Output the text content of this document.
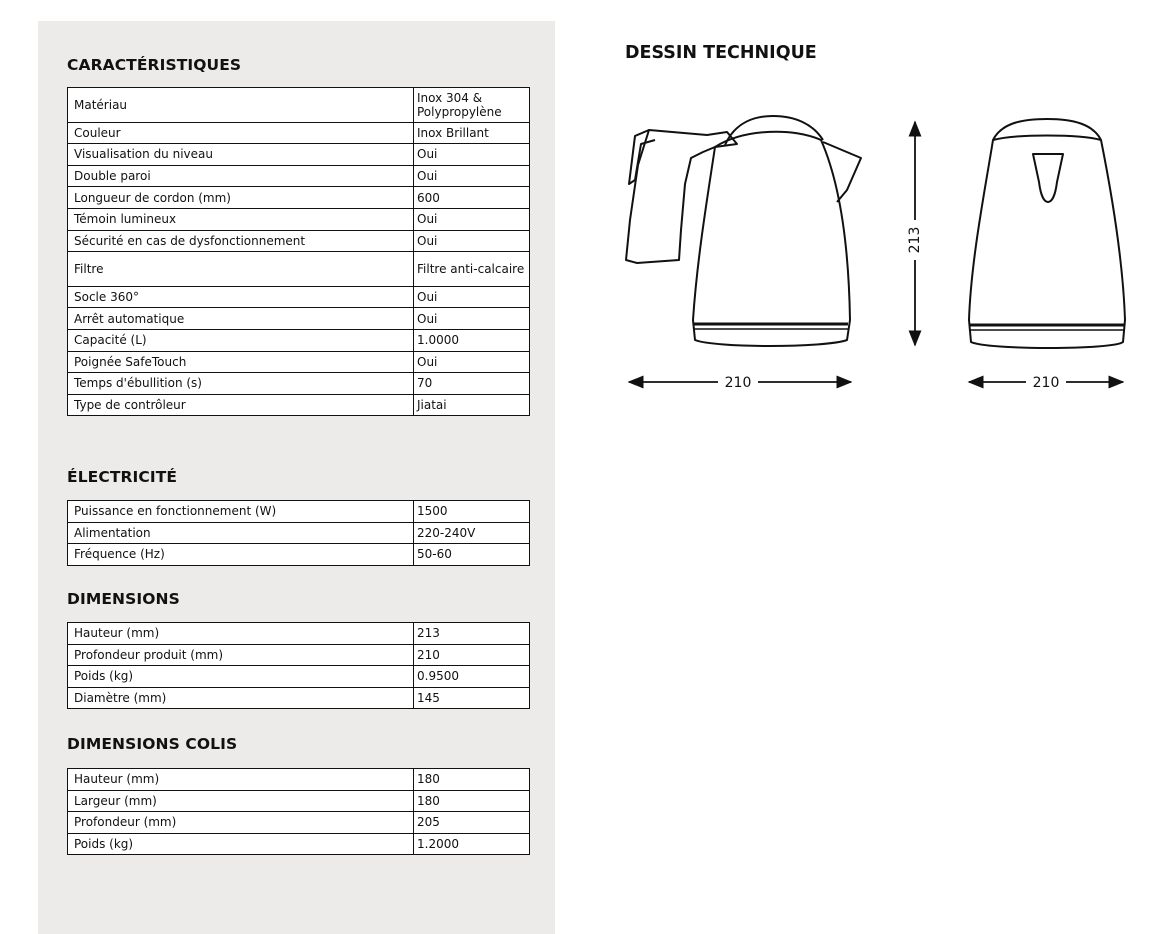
CARACTÉRISTIQUES
Matériau	Inox 304 & Polypropylène
Couleur	Inox Brillant
Visualisation du niveau	Oui
Double paroi	Oui
Longueur de cordon (mm)	600
Témoin lumineux	Oui
Sécurité en cas de dysfonctionnement	Oui
Filtre	Filtre anti-calcaire
Socle 360°	Oui
Arrêt automatique	Oui
Capacité (L)	1.0000
Poignée SafeTouch	Oui
Temps d'ébullition (s)	70
Type de contrôleur	Jiatai
ÉLECTRICITÉ
Puissance en fonctionnement (W)	1500
Alimentation	220-240V
Fréquence (Hz)	50-60
DIMENSIONS
Hauteur (mm)	213
Profondeur produit (mm)	210
Poids (kg)	0.9500
Diamètre (mm)	145
DIMENSIONS COLIS
Hauteur (mm)	180
Largeur (mm)	180
Profondeur (mm)	205
Poids (kg)	1.2000
DESSIN TECHNIQUE
213
210	210
